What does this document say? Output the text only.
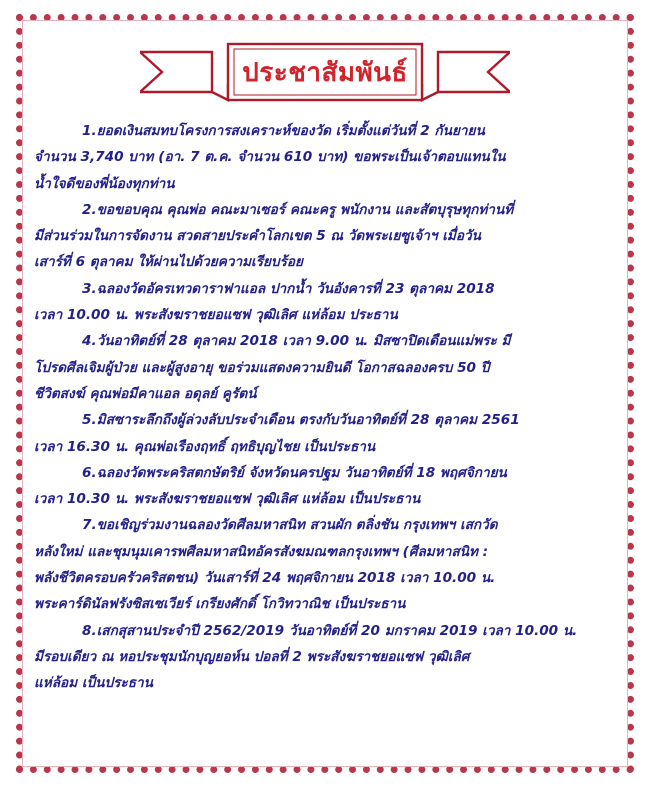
ประชาสัมพันธ์
1.ยอดเงินสมทบโครงการสงเคราะห์ของวัด เริ่มตั้งแต่วันที่ 2 กันยายน
จำนวน 3,740 บาท (อา. 7 ต.ค. จำนวน 610 บาท) ขอพระเป็นเจ้าตอบแทนใน
น้ำใจดีของพี่น้องทุกท่าน
2.ขอขอบคุณ คุณพ่อ คณะมาเซอร์ คณะครู พนักงาน และสัตบุรุษทุกท่านที่
มีส่วนร่วมในการจัดงาน สวดสายประคำโลกเขต 5 ณ วัดพระเยซูเจ้าฯ เมื่อวัน
เสาร์ที่ 6 ตุลาคม ให้ผ่านไปด้วยความเรียบร้อย
3.ฉลองวัดอัครเทวดาราฟาแอล ปากน้ำ วันอังคารที่ 23 ตุลาคม 2018
เวลา 10.00 น. พระสังฆราชยอแซฟ วุฒิเลิศ แห่ล้อม ประธาน
4.วันอาทิตย์ที่ 28 ตุลาคม 2018 เวลา 9.00 น. มิสซาปิดเดือนแม่พระ มี
โปรดศีลเจิมผู้ป่วย และผู้สูงอายุ ขอร่วมแสดงความยินดี โอกาสฉลองครบ 50 ปี
ชีวิตสงฆ์ คุณพ่อมีคาแอล อดุลย์ คูรัตน์
5.มิสซาระลึกถึงผู้ล่วงลับประจำเดือน ตรงกับวันอาทิตย์ที่ 28 ตุลาคม 2561
เวลา 16.30 น. คุณพ่อเรืองฤทธิ์ ฤทธิบุญไชย เป็นประธาน
6.ฉลองวัดพระคริสตกษัตริย์ จังหวัดนครปฐม วันอาทิตย์ที่ 18 พฤศจิกายน
เวลา 10.30 น. พระสังฆราชยอแซฟ วุฒิเลิศ แห่ล้อม เป็นประธาน
7.ขอเชิญร่วมงานฉลองวัดศีลมหาสนิท สวนผัก ตลิ่งชัน กรุงเทพฯ เสกวัด
หลังใหม่ และชุมนุมเคารพศีลมหาสนิทอัครสังฆมณฑลกรุงเทพฯ (ศีลมหาสนิท :
พลังชีวิตครอบครัวคริสตชน) วันเสาร์ที่ 24 พฤศจิกายน 2018 เวลา 10.00 น.
พระคาร์ดินัลฟรังซิสเซเวียร์ เกรียงศักดิ์ โกวิทวาณิช เป็นประธาน
8.เสกสุสานประจำปี 2562/2019 วันอาทิตย์ที่ 20 มกราคม 2019 เวลา 10.00 น.
มีรอบเดียว ณ หอประชุมนักบุญยอห์น ปอลที่ 2 พระสังฆราชยอแซฟ วุฒิเลิศ
แห่ล้อม เป็นประธาน
